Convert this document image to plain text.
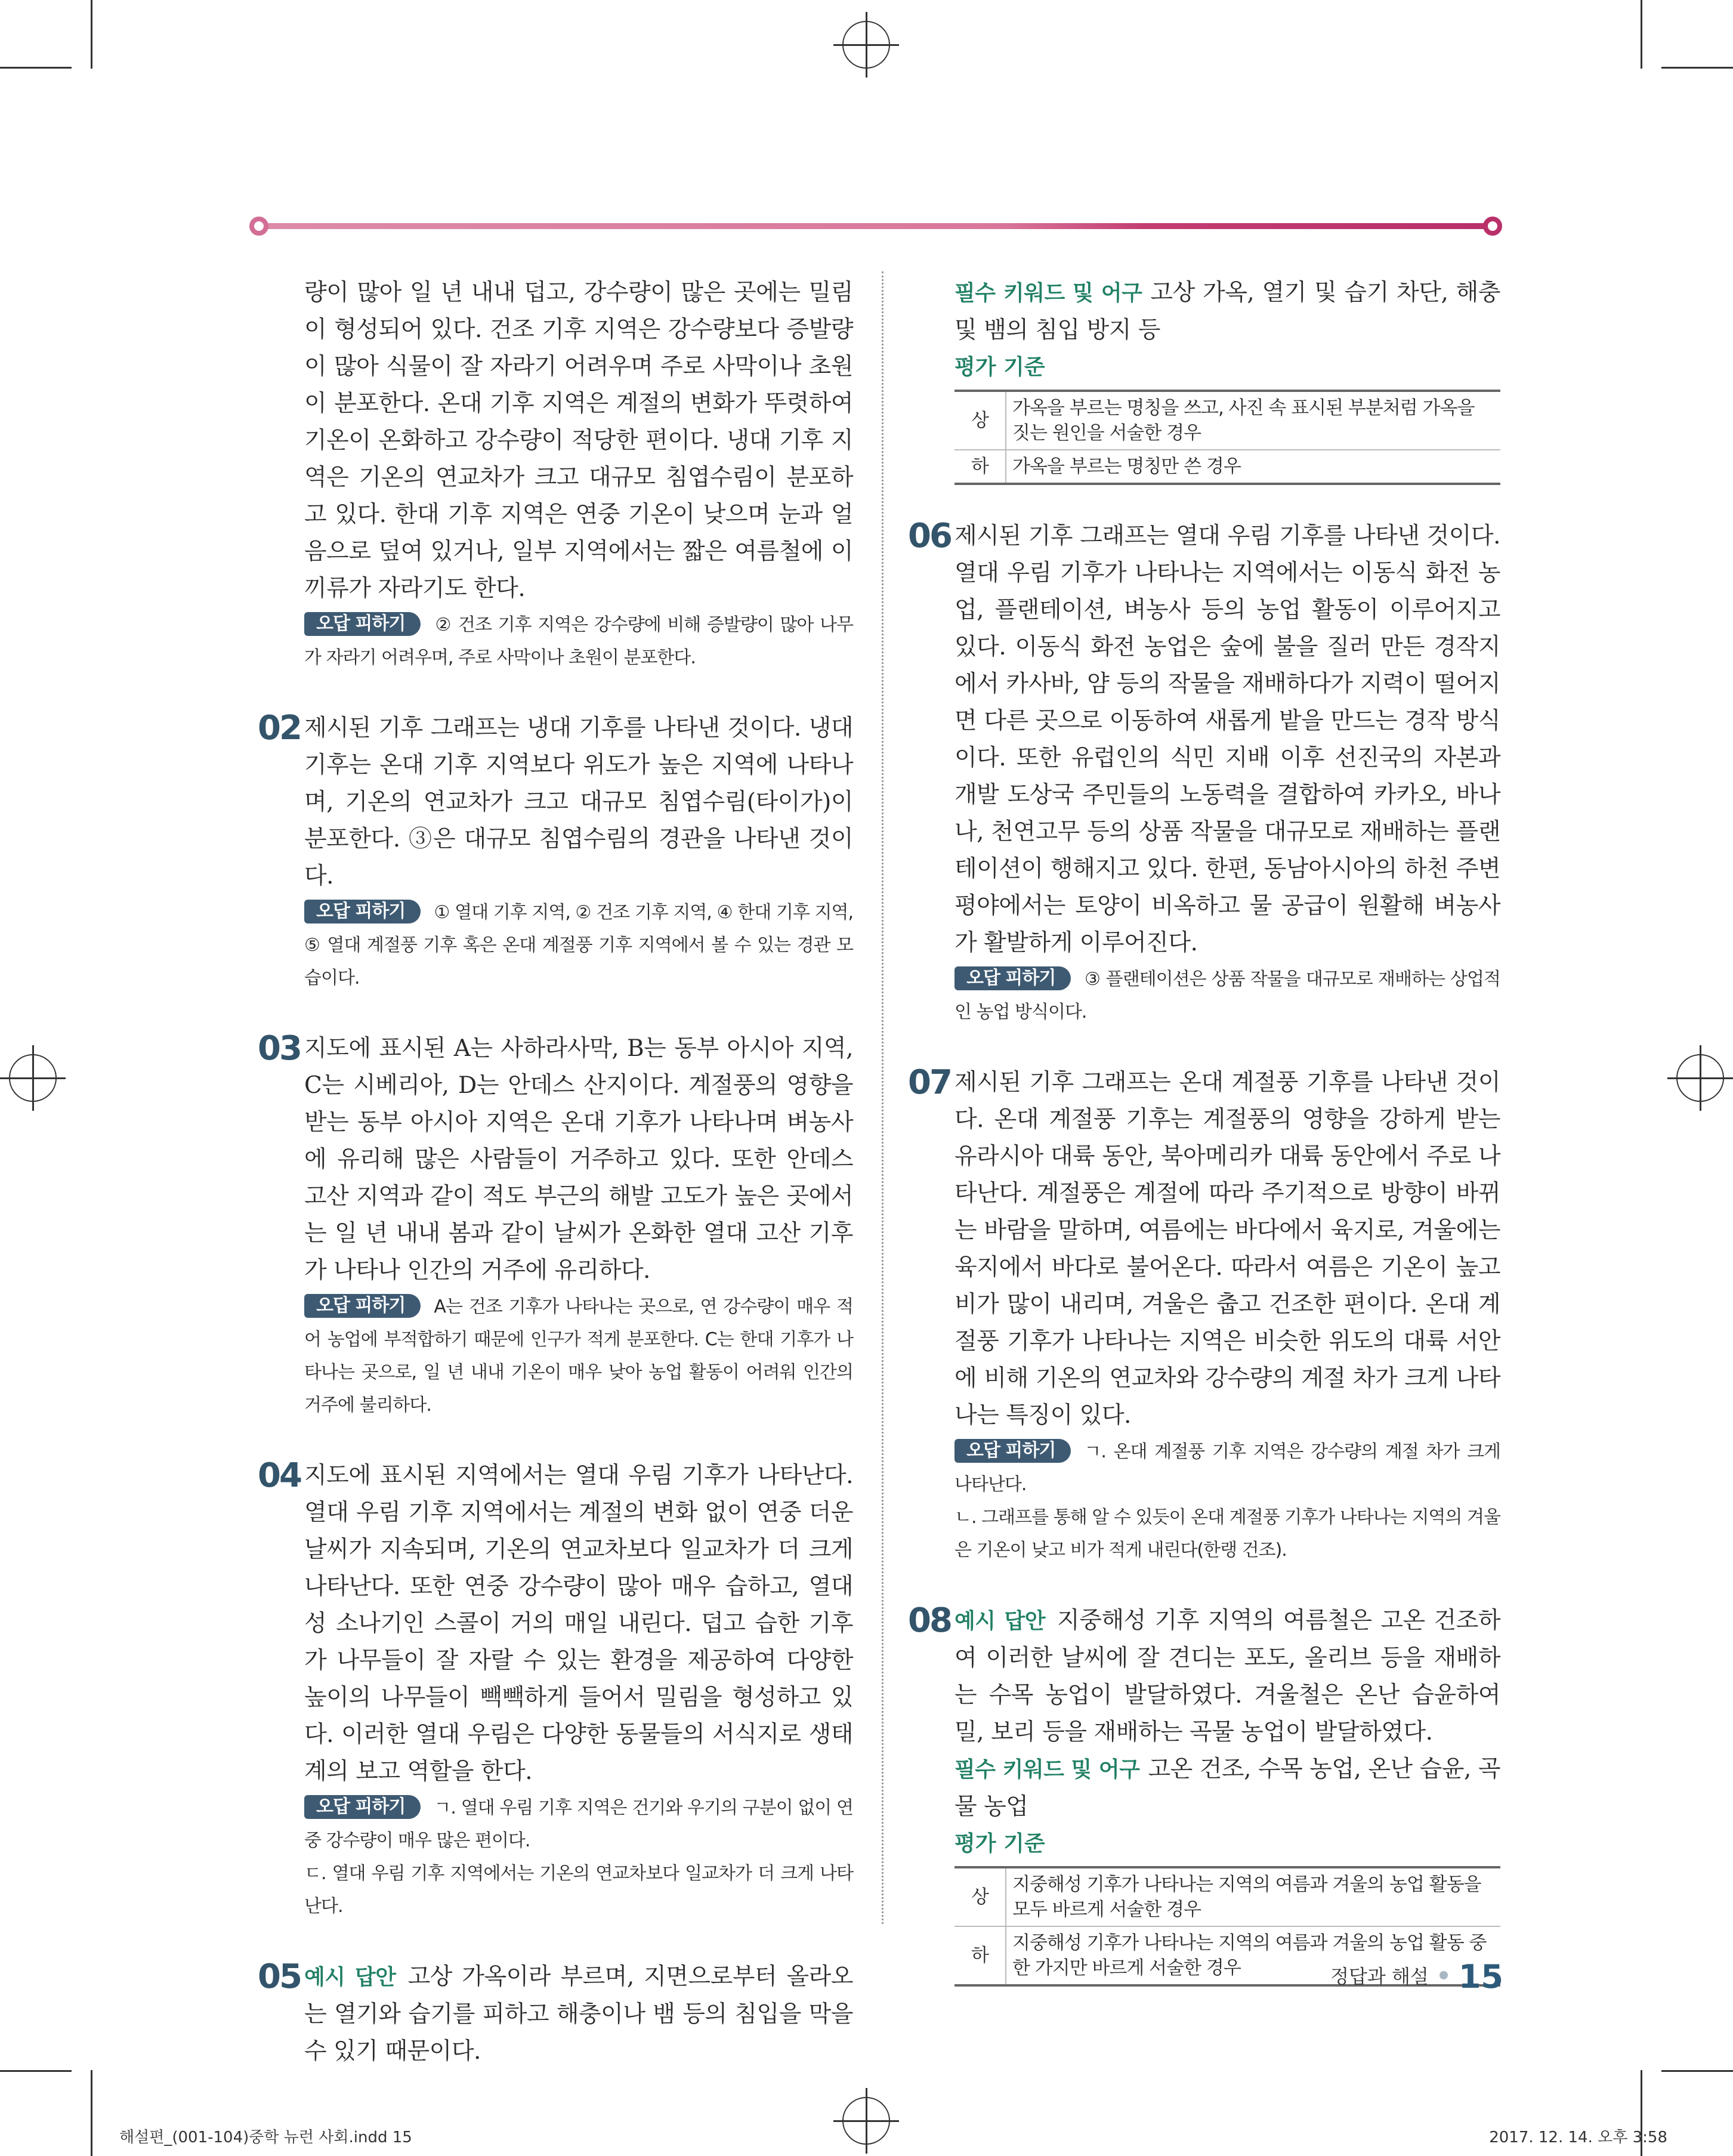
량이 많아 일 년 내내 덥고, 강수량이 많은 곳에는 밀림이 형성되어 있다. 건조 기후 지역은 강수량보다 증발량이 많아 식물이 잘 자라기 어려우며 주로 사막이나 초원이 분포한다. 온대 기후 지역은 계절의 변화가 뚜렷하여 기온이 온화하고 강수량이 적당한 편이다. 냉대 기후 지역은 기온의 연교차가 크고 대규모 침엽수림이 분포하고 있다. 한대 기후 지역은 연중 기온이 낮으며 눈과 얼음으로 덮여 있거나, 일부 지역에서는 짧은 여름철에 이끼류가 자라기도 한다.

오답 피하기 ② 건조 기후 지역은 강수량에 비해 증발량이 많아 나무가 자라기 어려우며, 주로 사막이나 초원이 분포한다.

02 제시된 기후 그래프는 냉대 기후를 나타낸 것이다. 냉대 기후는 온대 기후 지역보다 위도가 높은 지역에 나타나며, 기온의 연교차가 크고 대규모 침엽수림(타이가)이 분포한다. ③은 대규모 침엽수림의 경관을 나타낸 것이다.

오답 피하기 ① 열대 기후 지역, ② 건조 기후 지역, ④ 한대 기후 지역, ⑤ 열대 계절풍 기후 혹은 온대 계절풍 기후 지역에서 볼 수 있는 경관 모습이다.

03 지도에 표시된 A는 사하라사막, B는 동부 아시아 지역, C는 시베리아, D는 안데스 산지이다. 계절풍의 영향을 받는 동부 아시아 지역은 온대 기후가 나타나며 벼농사에 유리해 많은 사람들이 거주하고 있다. 또한 안데스 고산 지역과 같이 적도 부근의 해발 고도가 높은 곳에서는 일 년 내내 봄과 같이 날씨가 온화한 열대 고산 기후가 나타나 인간의 거주에 유리하다.

오답 피하기 A는 건조 기후가 나타나는 곳으로, 연 강수량이 매우 적어 농업에 부적합하기 때문에 인구가 적게 분포한다. C는 한대 기후가 나타나는 곳으로, 일 년 내내 기온이 매우 낮아 농업 활동이 어려워 인간의 거주에 불리하다.

04 지도에 표시된 지역에서는 열대 우림 기후가 나타난다. 열대 우림 기후 지역에서는 계절의 변화 없이 연중 더운 날씨가 지속되며, 기온의 연교차보다 일교차가 더 크게 나타난다. 또한 연중 강수량이 많아 매우 습하고, 열대성 소나기인 스콜이 거의 매일 내린다. 덥고 습한 기후가 나무들이 잘 자랄 수 있는 환경을 제공하여 다양한 높이의 나무들이 빽빽하게 들어서 밀림을 형성하고 있다. 이러한 열대 우림은 다양한 동물들의 서식지로 생태계의 보고 역할을 한다.

오답 피하기 ㄱ. 열대 우림 기후 지역은 건기와 우기의 구분이 없이 연중 강수량이 매우 많은 편이다.

ㄷ. 열대 우림 기후 지역에서는 기온의 연교차보다 일교차가 더 크게 나타난다.

05 예시 답안 고상 가옥이라 부르며, 지면으로부터 올라오는 열기와 습기를 피하고 해충이나 뱀 등의 침입을 막을 수 있기 때문이다.

필수 키워드 및 어구 고상 가옥, 열기 및 습기 차단, 해충 및 뱀의 침입 방지 등

평가 기준
상	가옥을 부르는 명칭을 쓰고, 사진 속 표시된 부분처럼 가옥을 짓는 원인을 서술한 경우
하	가옥을 부르는 명칭만 쓴 경우
06 제시된 기후 그래프는 열대 우림 기후를 나타낸 것이다. 열대 우림 기후가 나타나는 지역에서는 이동식 화전 농업, 플랜테이션, 벼농사 등의 농업 활동이 이루어지고 있다. 이동식 화전 농업은 숲에 불을 질러 만든 경작지에서 카사바, 얌 등의 작물을 재배하다가 지력이 떨어지면 다른 곳으로 이동하여 새롭게 밭을 만드는 경작 방식이다. 또한 유럽인의 식민 지배 이후 선진국의 자본과 개발 도상국 주민들의 노동력을 결합하여 카카오, 바나나, 천연고무 등의 상품 작물을 대규모로 재배하는 플랜테이션이 행해지고 있다. 한편, 동남아시아의 하천 주변 평야에서는 토양이 비옥하고 물 공급이 원활해 벼농사가 활발하게 이루어진다.

오답 피하기 ③ 플랜테이션은 상품 작물을 대규모로 재배하는 상업적인 농업 방식이다.

07 제시된 기후 그래프는 온대 계절풍 기후를 나타낸 것이다. 온대 계절풍 기후는 계절풍의 영향을 강하게 받는 유라시아 대륙 동안, 북아메리카 대륙 동안에서 주로 나타난다. 계절풍은 계절에 따라 주기적으로 방향이 바뀌는 바람을 말하며, 여름에는 바다에서 육지로, 겨울에는 육지에서 바다로 불어온다. 따라서 여름은 기온이 높고 비가 많이 내리며, 겨울은 춥고 건조한 편이다. 온대 계절풍 기후가 나타나는 지역은 비슷한 위도의 대륙 서안에 비해 기온의 연교차와 강수량의 계절 차가 크게 나타나는 특징이 있다.

오답 피하기 ㄱ. 온대 계절풍 기후 지역은 강수량의 계절 차가 크게 나타난다.

ㄴ. 그래프를 통해 알 수 있듯이 온대 계절풍 기후가 나타나는 지역의 겨울은 기온이 낮고 비가 적게 내린다(한랭 건조).

08 예시 답안 지중해성 기후 지역의 여름철은 고온 건조하여 이러한 날씨에 잘 견디는 포도, 올리브 등을 재배하는 수목 농업이 발달하였다. 겨울철은 온난 습윤하여 밀, 보리 등을 재배하는 곡물 농업이 발달하였다.

필수 키워드 및 어구 고온 건조, 수목 농업, 온난 습윤, 곡물 농업

평가 기준
상	지중해성 기후가 나타나는 지역의 여름과 겨울의 농업 활동을 모두 바르게 서술한 경우
하	지중해성 기후가 나타나는 지역의 여름과 겨울의 농업 활동 중 한 가지만 바르게 서술한 경우	정답과 해설 15
해설편_(001-104)중학 뉴런 사회.indd 15	2017. 12. 14. 오후 3:58
